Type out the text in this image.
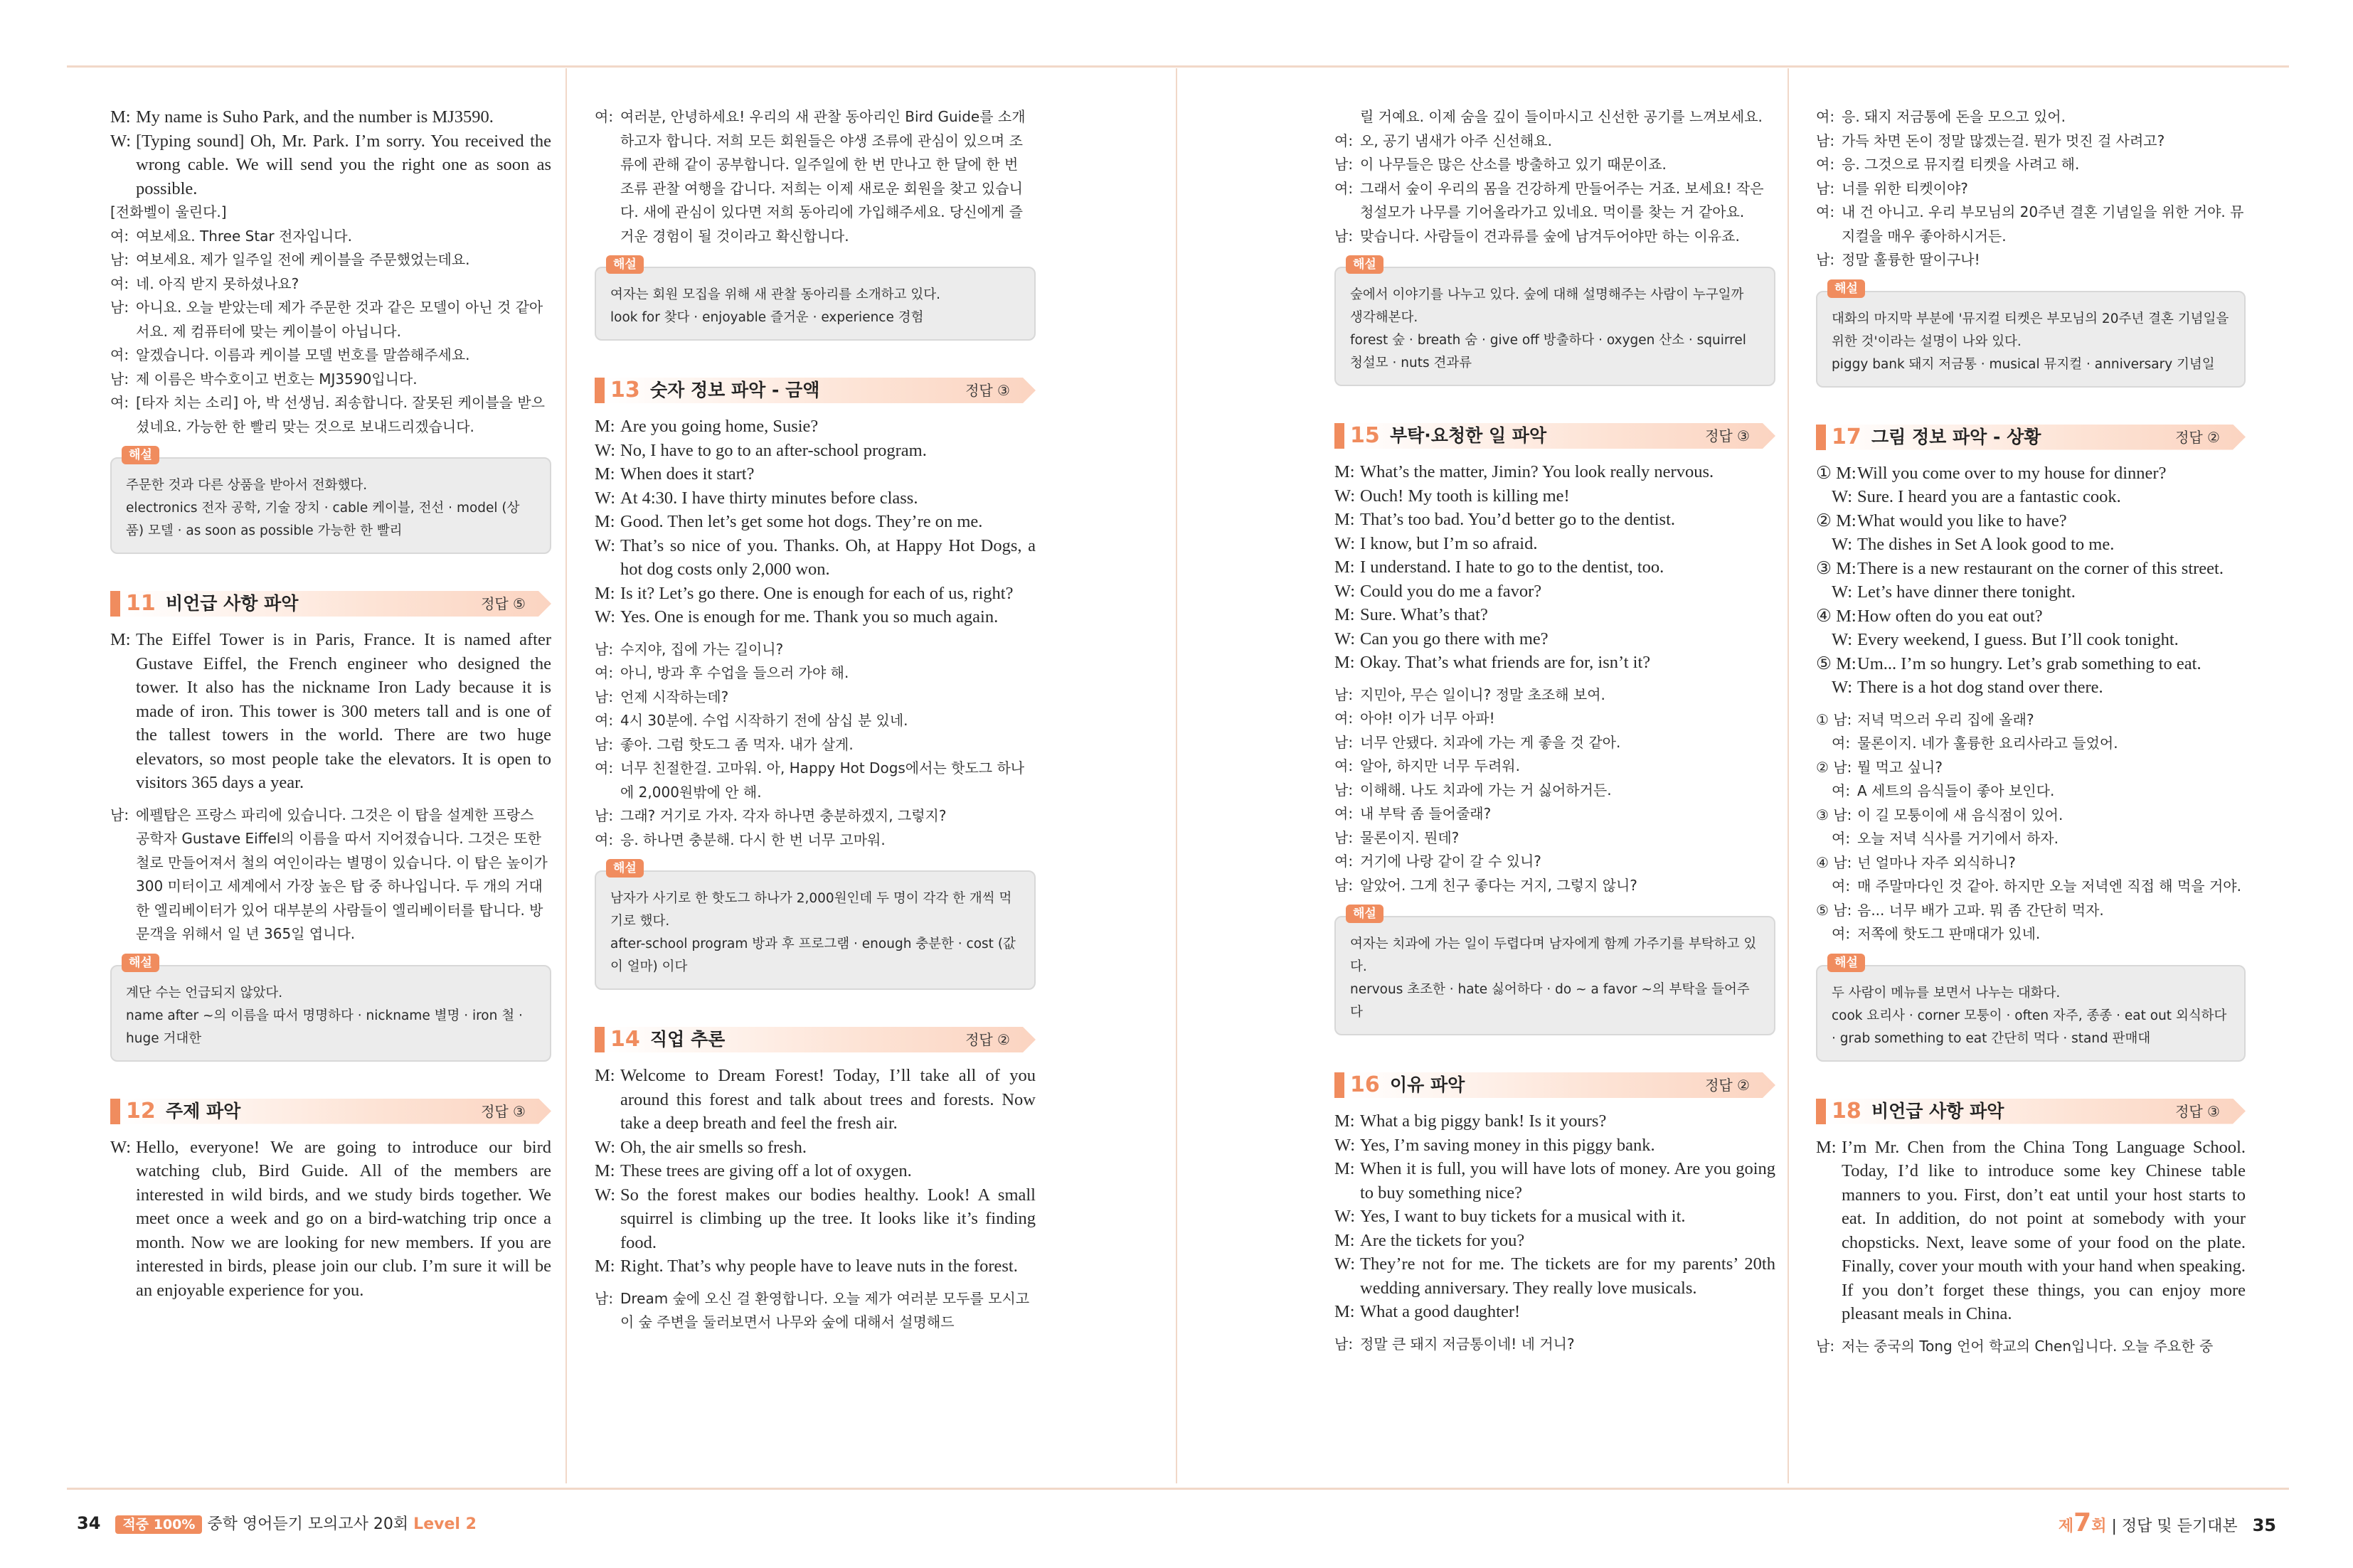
M: My name is Suho Park, and the number is MJ3590.
W: [Typing sound] Oh, Mr. Park. I’m sorry. You received the wrong cable. We will send you the right one as soon as possible.
[전화벨이 울린다.]
여: 여보세요. Three Star 전자입니다.
남: 여보세요. 제가 일주일 전에 케이블을 주문했었는데요.
여: 네. 아직 받지 못하셨나요?
남: 아니요. 오늘 받았는데 제가 주문한 것과 같은 모델이 아닌 것 같아서요. 제 컴퓨터에 맞는 케이블이 아닙니다.
여: 알겠습니다. 이름과 케이블 모델 번호를 말씀해주세요.
남: 제 이름은 박수호이고 번호는 MJ3590입니다.
여: [타자 치는 소리] 아, 박 선생님. 죄송합니다. 잘못된 케이블을 받으셨네요. 가능한 한 빨리 맞는 것으로 보내드리겠습니다.
해설
주문한 것과 다른 상품을 받아서 전화했다.
electronics 전자 공학, 기술 장치 · cable 케이블, 전선 · model (상품) 모델 · as soon as possible 가능한 한 빨리
11 비언급 사항 파악	정답 ⑤
M: The Eiffel Tower is in Paris, France. It is named after Gustave Eiffel, the French engineer who designed the tower. It also has the nickname Iron Lady because it is made of iron. This tower is 300 meters tall and is one of the tallest towers in the world. There are two huge elevators, so most people take the elevators. It is open to visitors 365 days a year.
남: 에펠탑은 프랑스 파리에 있습니다. 그것은 이 탑을 설계한 프랑스 공학자 Gustave Eiffel의 이름을 따서 지어졌습니다. 그것은 또한 철로 만들어져서 철의 여인이라는 별명이 있습니다. 이 탑은 높이가 300 미터이고 세계에서 가장 높은 탑 중 하나입니다. 두 개의 거대한 엘리베이터가 있어 대부분의 사람들이 엘리베이터를 탑니다. 방문객을 위해서 일 년 365일 엽니다.
해설
계단 수는 언급되지 않았다.
name after ~의 이름을 따서 명명하다 · nickname 별명 · iron 철 · huge 거대한
12 주제 파악	정답 ③
W: Hello, everyone! We are going to introduce our bird watching club, Bird Guide. All of the members are interested in wild birds, and we study birds together. We meet once a week and go on a bird-watching trip once a month. Now we are looking for new members. If you are interested in birds, please join our club. I’m sure it will be an enjoyable experience for you.
여: 여러분, 안녕하세요! 우리의 새 관찰 동아리인 Bird Guide를 소개하고자 합니다. 저희 모든 회원들은 야생 조류에 관심이 있으며 조류에 관해 같이 공부합니다. 일주일에 한 번 만나고 한 달에 한 번 조류 관찰 여행을 갑니다. 저희는 이제 새로운 회원을 찾고 있습니다. 새에 관심이 있다면 저희 동아리에 가입해주세요. 당신에게 즐거운 경험이 될 것이라고 확신합니다.
해설
여자는 회원 모집을 위해 새 관찰 동아리를 소개하고 있다.
look for 찾다 · enjoyable 즐거운 · experience 경험
13 숫자 정보 파악 - 금액	정답 ③
M: Are you going home, Susie?
W: No, I have to go to an after-school program.
M: When does it start?
W: At 4:30. I have thirty minutes before class.
M: Good. Then let’s get some hot dogs. They’re on me.
W: That’s so nice of you. Thanks. Oh, at Happy Hot Dogs, a hot dog costs only 2,000 won.
M: Is it? Let’s go there. One is enough for each of us, right?
W: Yes. One is enough for me. Thank you so much again.
남: 수지야, 집에 가는 길이니?
여: 아니, 방과 후 수업을 들으러 가야 해.
남: 언제 시작하는데?
여: 4시 30분에. 수업 시작하기 전에 삼십 분 있네.
남: 좋아. 그럼 핫도그 좀 먹자. 내가 살게.
여: 너무 친절한걸. 고마워. 아, Happy Hot Dogs에서는 핫도그 하나에 2,000원밖에 안 해.
남: 그래? 거기로 가자. 각자 하나면 충분하겠지, 그렇지?
여: 응. 하나면 충분해. 다시 한 번 너무 고마워.
해설
남자가 사기로 한 핫도그 하나가 2,000원인데 두 명이 각각 한 개씩 먹기로 했다.
after-school program 방과 후 프로그램 · enough 충분한 · cost (값이 얼마) 이다
14 직업 추론	정답 ②
M: Welcome to Dream Forest! Today, I’ll take all of you around this forest and talk about trees and forests. Now take a deep breath and feel the fresh air.
W: Oh, the air smells so fresh.
M: These trees are giving off a lot of oxygen.
W: So the forest makes our bodies healthy. Look! A small squirrel is climbing up the tree. It looks like it’s finding food.
M: Right. That’s why people have to leave nuts in the forest.
남: Dream 숲에 오신 걸 환영합니다. 오늘 제가 여러분 모두를 모시고 이 숲 주변을 둘러보면서 나무와 숲에 대해서 설명해드
릴 거예요. 이제 숨을 깊이 들이마시고 신선한 공기를 느껴보세요.
여: 오, 공기 냄새가 아주 신선해요.
남: 이 나무들은 많은 산소를 방출하고 있기 때문이죠.
여: 그래서 숲이 우리의 몸을 건강하게 만들어주는 거죠. 보세요! 작은 청설모가 나무를 기어올라가고 있네요. 먹이를 찾는 거 같아요.
남: 맞습니다. 사람들이 견과류를 숲에 남겨두어야만 하는 이유죠.
해설
숲에서 이야기를 나누고 있다. 숲에 대해 설명해주는 사람이 누구일까 생각해본다.
forest 숲 · breath 숨 · give off 방출하다 · oxygen 산소 · squirrel 청설모 · nuts 견과류
15 부탁·요청한 일 파악	정답 ③
M: What’s the matter, Jimin? You look really nervous.
W: Ouch! My tooth is killing me!
M: That’s too bad. You’d better go to the dentist.
W: I know, but I’m so afraid.
M: I understand. I hate to go to the dentist, too.
W: Could you do me a favor?
M: Sure. What’s that?
W: Can you go there with me?
M: Okay. That’s what friends are for, isn’t it?
남: 지민아, 무슨 일이니? 정말 초조해 보여.
여: 아야! 이가 너무 아파!
남: 너무 안됐다. 치과에 가는 게 좋을 것 같아.
여: 알아, 하지만 너무 두려워.
남: 이해해. 나도 치과에 가는 거 싫어하거든.
여: 내 부탁 좀 들어줄래?
남: 물론이지. 뭔데?
여: 거기에 나랑 같이 갈 수 있니?
남: 알았어. 그게 친구 좋다는 거지, 그렇지 않니?
해설
여자는 치과에 가는 일이 두렵다며 남자에게 함께 가주기를 부탁하고 있다.
nervous 초조한 · hate 싫어하다 · do ~ a favor ~의 부탁을 들어주다
16 이유 파악	정답 ②
M: What a big piggy bank! Is it yours?
W: Yes, I’m saving money in this piggy bank.
M: When it is full, you will have lots of money. Are you going to buy something nice?
W: Yes, I want to buy tickets for a musical with it.
M: Are the tickets for you?
W: They’re not for me. The tickets are for my parents’ 20th wedding anniversary. They really love musicals.
M: What a good daughter!
남: 정말 큰 돼지 저금통이네! 네 거니?
여: 응. 돼지 저금통에 돈을 모으고 있어.
남: 가득 차면 돈이 정말 많겠는걸. 뭔가 멋진 걸 사려고?
여: 응. 그것으로 뮤지컬 티켓을 사려고 해.
남: 너를 위한 티켓이야?
여: 내 건 아니고. 우리 부모님의 20주년 결혼 기념일을 위한 거야. 뮤지컬을 매우 좋아하시거든.
남: 정말 훌륭한 딸이구나!
해설
대화의 마지막 부분에 '뮤지컬 티켓은 부모님의 20주년 결혼 기념일을 위한 것'이라는 설명이 나와 있다.
piggy bank 돼지 저금통 · musical 뮤지컬 · anniversary 기념일
17 그림 정보 파악 - 상황	정답 ②
① M: Will you come over to my house for dinner?
W: Sure. I heard you are a fantastic cook.
② M: What would you like to have?
W: The dishes in Set A look good to me.
③ M: There is a new restaurant on the corner of this street.
W: Let’s have dinner there tonight.
④ M: How often do you eat out?
W: Every weekend, I guess. But I’ll cook tonight.
⑤ M: Um... I’m so hungry. Let’s grab something to eat.
W: There is a hot dog stand over there.
① 남: 저녁 먹으러 우리 집에 올래?
여: 물론이지. 네가 훌륭한 요리사라고 들었어.
② 남: 뭘 먹고 싶니?
여: A 세트의 음식들이 좋아 보인다.
③ 남: 이 길 모퉁이에 새 음식점이 있어.
여: 오늘 저녁 식사를 거기에서 하자.
④ 남: 넌 얼마나 자주 외식하니?
여: 매 주말마다인 것 같아. 하지만 오늘 저녁엔 직접 해 먹을 거야.
⑤ 남: 음... 너무 배가 고파. 뭐 좀 간단히 먹자.
여: 저쪽에 핫도그 판매대가 있네.
해설
두 사람이 메뉴를 보면서 나누는 대화다.
cook 요리사 · corner 모퉁이 · often 자주, 종종 · eat out 외식하다 · grab something to eat 간단히 먹다 · stand 판매대
18 비언급 사항 파악	정답 ③
M: I’m Mr. Chen from the China Tong Language School. Today, I’d like to introduce some key Chinese table manners to you. First, don’t eat until your host starts to eat. In addition, do not point at somebody with your chopsticks. Next, leave some of your food on the plate. Finally, cover your mouth with your hand when speaking. If you don’t forget these things, you can enjoy more pleasant meals in China.
남: 저는 중국의 Tong 언어 학교의 Chen입니다. 오늘 주요한 중
34 적중 100% 중학 영어듣기 모의고사 20회 Level 2	제7회 | 정답 및 듣기대본 35
